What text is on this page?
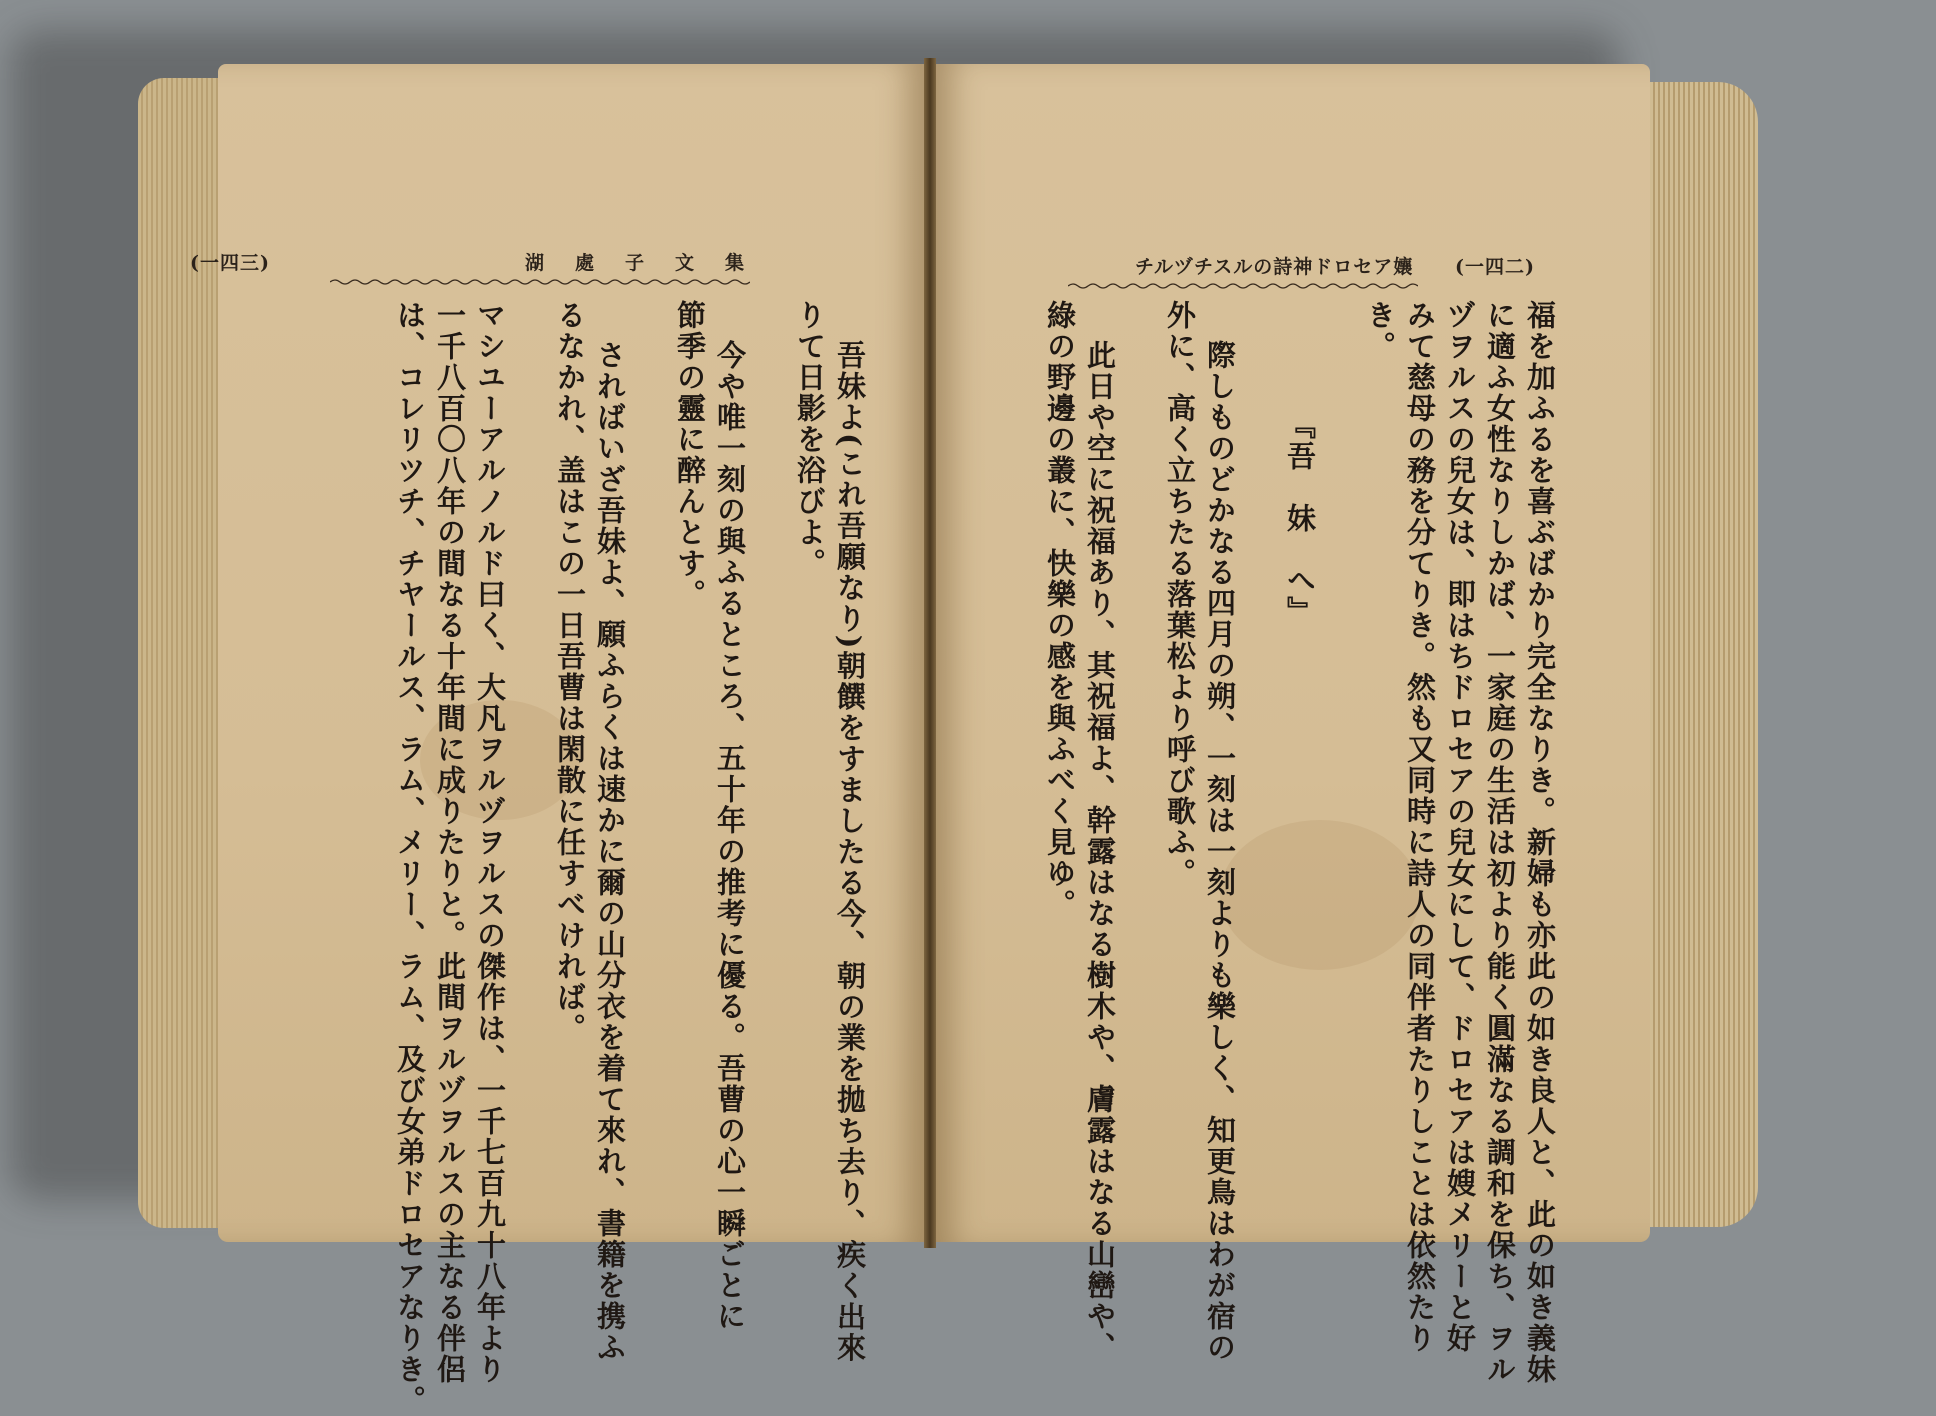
(一四三)	湖　處　子　文　集	チルヅチスルの詩神ドロセア孃 (一四二)
吾妹よ(これ吾願なり)朝饌をすましたる今、朝の業を拋ち去り、疾く出來
りて日影を浴びよ。
今や唯一刻の與ふるところ、五十年の推考に優る。吾曹の心一瞬ごとに
節季の靈に醉んとす。
さればいざ吾妹よ、願ふらくは速かに爾の山分衣を着て來れ、書籍を携ふ
るなかれ、盖はこの一日吾曹は閑散に任すべければ。
マシユーアルノルド曰く、大凡ヲルヅヲルスの傑作は、一千七百九十八年より
一千八百〇八年の間なる十年間に成りたりと。此間ヲルヅヲルスの主なる伴侶
は、コレリツチ、チヤールス、ラム、メリー、ラム、及び女弟ドロセアなりき。	福を加ふるを喜ぶばかり完全なりき。新婦も亦此の如き良人と、此の如き義妹
に適ふ女性なりしかば、一家庭の生活は初より能く圓滿なる調和を保ち、ヲル
ヅヲルスの兒女は、即はちドロセアの兒女にして、ドロセアは嫂メリーと好
みて慈母の務を分てりき。然も又同時に詩人の同伴者たりしことは依然たり
き。
『吾　妹　へ』
際しものどかなる四月の朔、一刻は一刻よりも樂しく、知更鳥はわが宿の
外に、高く立ちたる落葉松より呼び歌ふ。
此日や空に祝福あり、其祝福よ、幹露はなる樹木や、膚露はなる山巒や、
綠の野邊の叢に、快樂の感を與ふべく見ゆ。
